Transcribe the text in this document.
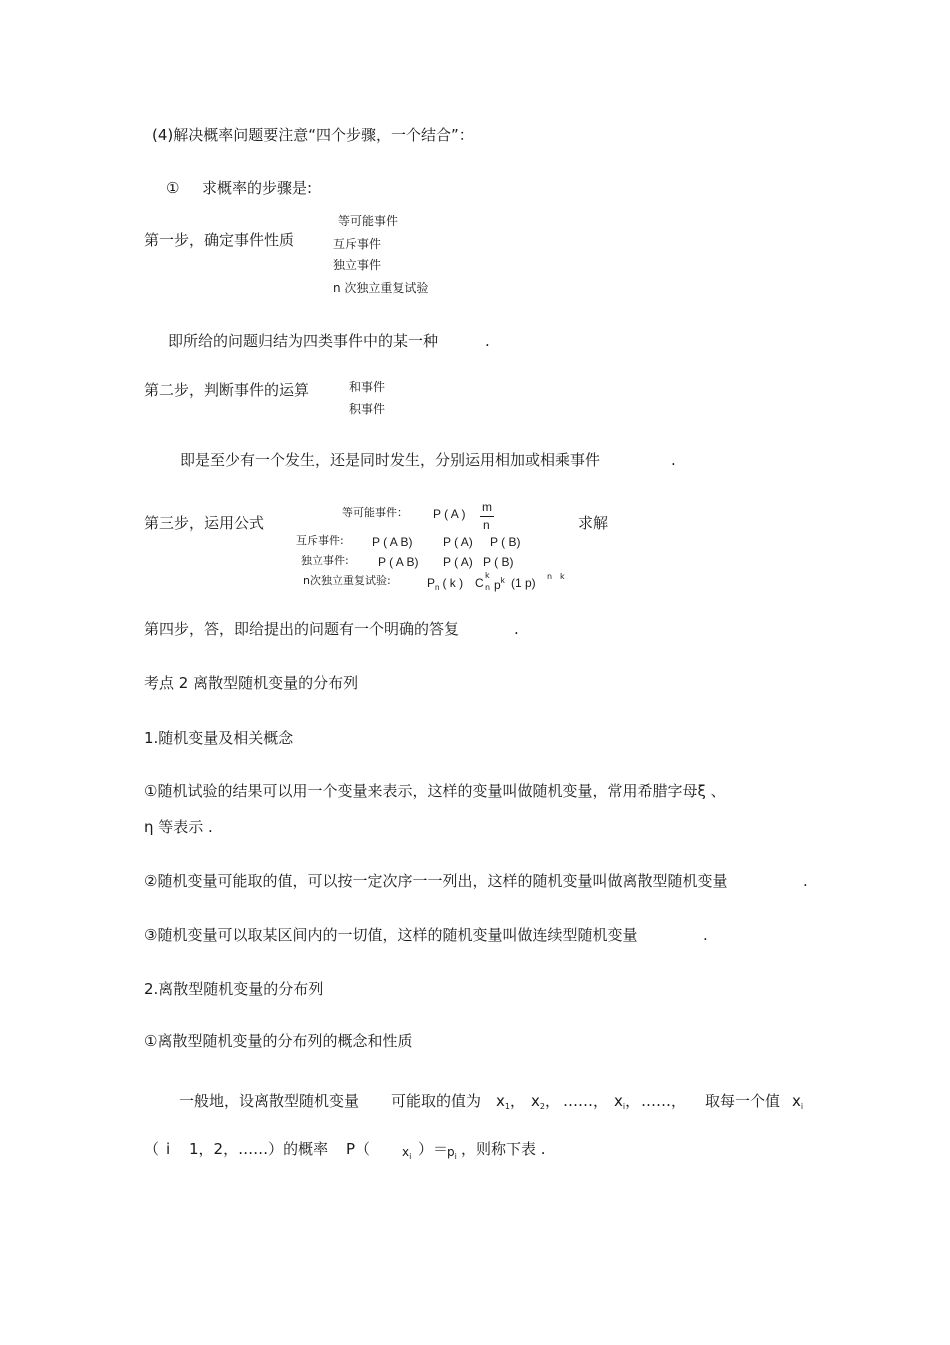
(4)解决概率问题要注意“四个步骤，一个结合”：
① 求概率的步骤是:
第一步，确定事件性质
等可能事件
互斥事件
独立事件
n 次独立重复试验
即所给的问题归结为四类事件中的某一种	.
第二步，判断事件的运算	和事件
积事件
即是至少有一个发生，还是同时发生，分别运用相加或相乘事件	.
第三步，运用公式	求解
等可能事件： P ( A ) m
n
互斥事件: P ( A B)	P ( A) P ( B)
独立事件: P ( A B) P ( A) P ( B)
n次独立重复试验:	$P_n$ ( k ) C
k
n $p^k$ (1 p) n k
第四步，答，即给提出的问题有一个明确的答复	.
考点 2 离散型随机变量的分布列
1.随机变量及相关概念
①随机试验的结果可以用一个变量来表示，这样的变量叫做随机变量，常用希腊字母ξ 、
η 等表示 .
②随机变量可能取的值，可以按一定次序一一列出，这样的随机变量叫做离散型随机变量	.
③随机变量可以取某区间内的一切值，这样的随机变量叫做连续型随机变量	.
2.离散型随机变量的分布列
①离散型随机变量的分布列的概念和性质
一般地，设离散型随机变量 可能取的值为 $x_1$， $x_2$， ……， $x_i$， ……， 取每一个值 $x_i$
（ i 1，2，……）的概率 P（	$x_i$ ）＝
$p_i$ ，则称下表 .
